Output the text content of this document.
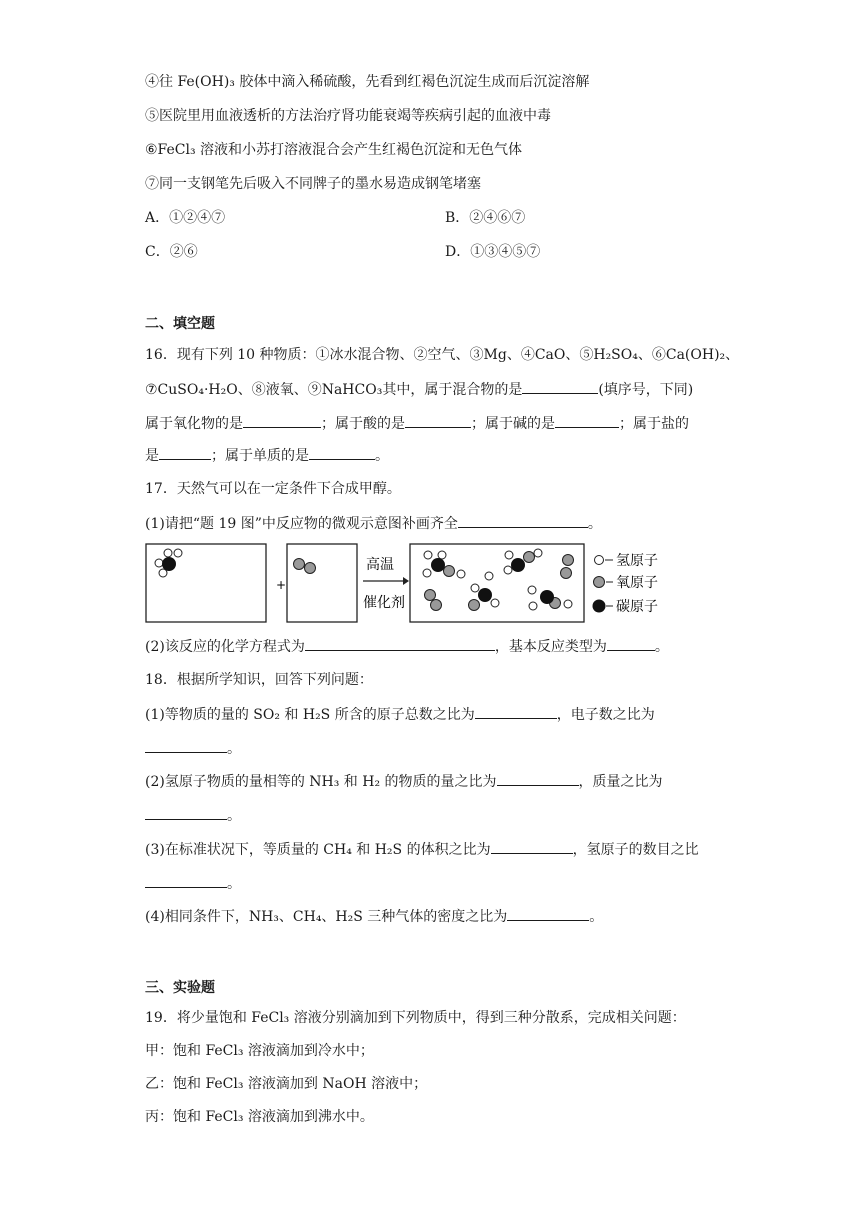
④往 Fe(OH)₃ 胶体中滴入稀硫酸，先看到红褐色沉淀生成而后沉淀溶解
⑤医院里用血液透析的方法治疗肾功能衰竭等疾病引起的血液中毒
⑥FeCl₃ 溶液和小苏打溶液混合会产生红褐色沉淀和无色气体
⑦同一支钢笔先后吸入不同牌子的墨水易造成钢笔堵塞
A．①②④⑦	B．②④⑥⑦
C．②⑥	D．①③④⑤⑦
二、填空题
16．现有下列 10 种物质：①冰水混合物、②空气、③Mg、④CaO、⑤H₂SO₄、⑥Ca(OH)₂、
⑦CuSO₄·H₂O、⑧液氧、⑨NaHCO₃其中，属于混合物的是	(填序号，下同)
属于氧化物的是	；属于酸的是	；属于碱的是	；属于盐的
是	；属于单质的是	。
17．天然气可以在一定条件下合成甲醇。
(1)请把“题 19 图”中反应物的微观示意图补画齐全	。
+
高温
催化剂
氢原子
氧原子
碳原子
(2)该反应的化学方程式为	，基本反应类型为	。
18．根据所学知识，回答下列问题：
(1)等物质的量的 SO₂ 和 H₂S 所含的原子总数之比为	，电子数之比为
。
(2)氢原子物质的量相等的 NH₃ 和 H₂ 的物质的量之比为	，质量之比为
。
(3)在标准状况下，等质量的 CH₄ 和 H₂S 的体积之比为	，氢原子的数目之比
。
(4)相同条件下，NH₃、CH₄、H₂S 三种气体的密度之比为	。
三、实验题
19．将少量饱和 FeCl₃ 溶液分别滴加到下列物质中，得到三种分散系，完成相关问题：
甲：饱和 FeCl₃ 溶液滴加到冷水中；
乙：饱和 FeCl₃ 溶液滴加到 NaOH 溶液中；
丙：饱和 FeCl₃ 溶液滴加到沸水中。
